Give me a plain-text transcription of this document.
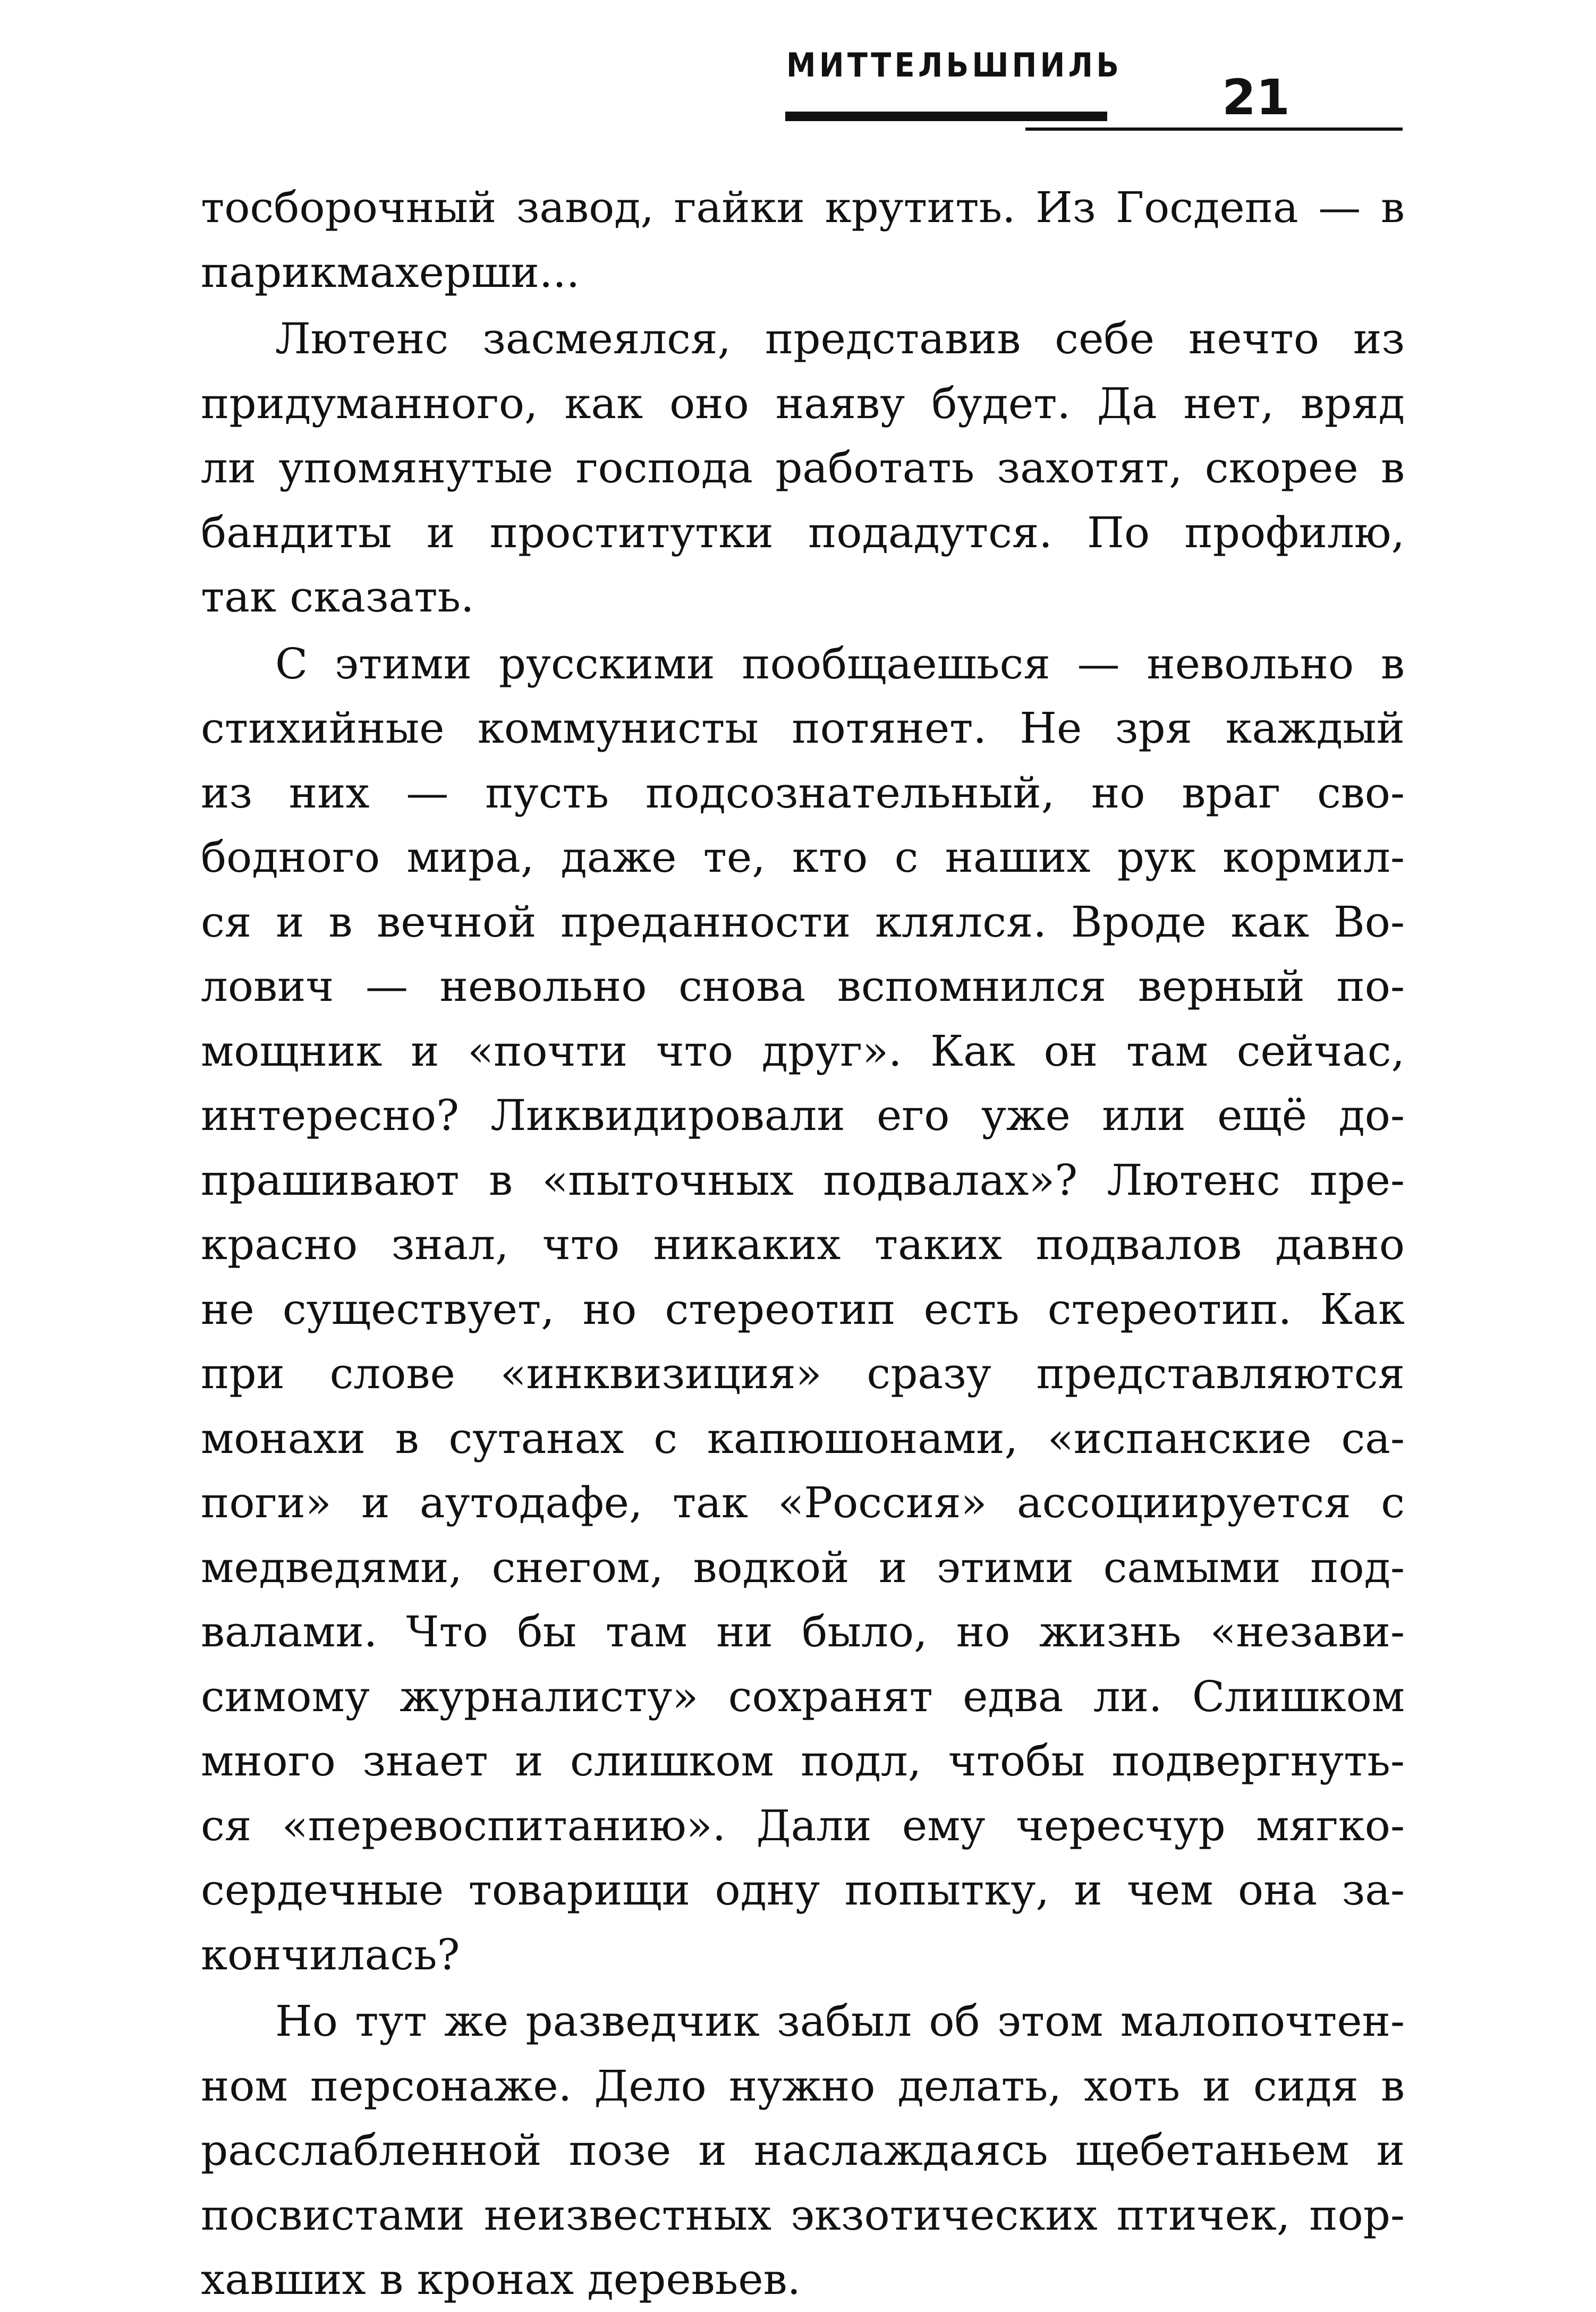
МИТТЕЛЬШПИЛЬ
21
тосборочный завод, гайки крутить. Из Госдепа — в
парикмахерши...
Лютенс засмеялся, представив себе нечто из
придуманного, как оно наяву будет. Да нет, вряд
ли упомянутые господа работать захотят, скорее в
бандиты и проститутки подадутся. По профилю,
так сказать.
С этими русскими пообщаешься — невольно в
стихийные коммунисты потянет. Не зря каждый
из них — пусть подсознательный, но враг сво-
бодного мира, даже те, кто с наших рук кормил-
ся и в вечной преданности клялся. Вроде как Во-
лович — невольно снова вспомнился верный по-
мощник и «почти что друг». Как он там сейчас,
интересно? Ликвидировали его уже или ещё до-
прашивают в «пыточных подвалах»? Лютенс пре-
красно знал, что никаких таких подвалов давно
не существует, но стереотип есть стереотип. Как
при слове «инквизиция» сразу представляются
монахи в сутанах с капюшонами, «испанские са-
поги» и аутодафе, так «Россия» ассоциируется с
медведями, снегом, водкой и этими самыми под-
валами. Что бы там ни было, но жизнь «незави-
симому журналисту» сохранят едва ли. Слишком
много знает и слишком подл, чтобы подвергнуть-
ся «перевоспитанию». Дали ему чересчур мягко-
сердечные товарищи одну попытку, и чем она за-
кончилась?
Но тут же разведчик забыл об этом малопочтен-
ном персонаже. Дело нужно делать, хоть и сидя в
расслабленной позе и наслаждаясь щебетаньем и
посвистами неизвестных экзотических птичек, пор-
хавших в кронах деревьев.
